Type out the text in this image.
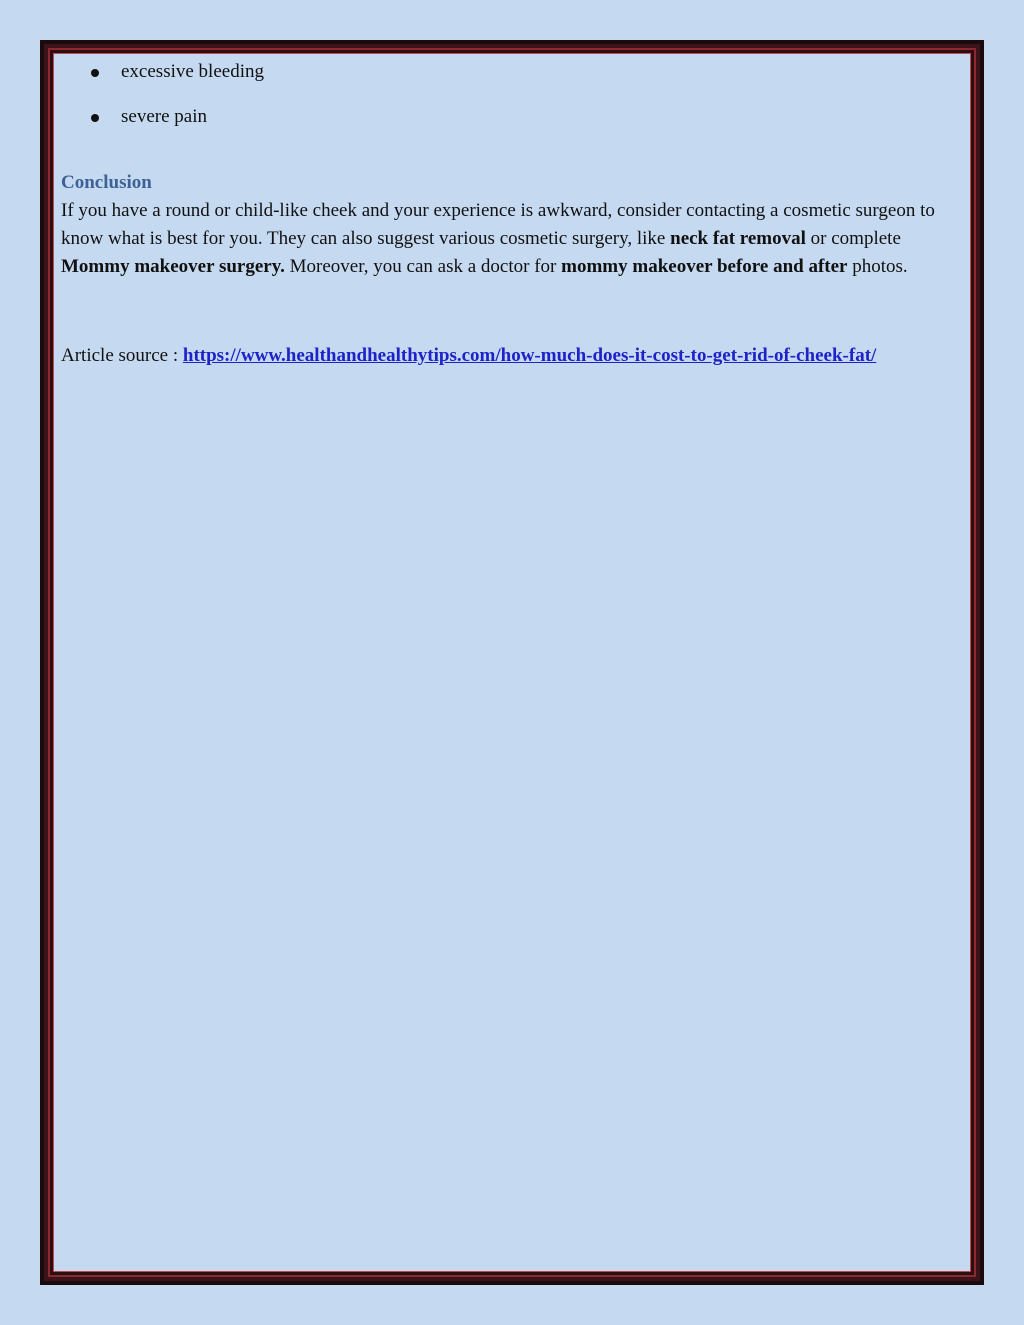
excessive bleeding
severe pain
Conclusion

If you have a round or child-like cheek and your experience is awkward, consider contacting a cosmetic surgeon to know what is best for you. They can also suggest various cosmetic surgery, like neck fat removal or complete Mommy makeover surgery. Moreover, you can ask a doctor for mommy makeover before and after photos.

Article source : https://www.healthandhealthytips.com/how-much-does-it-cost-to-get-rid-of-cheek-fat/
